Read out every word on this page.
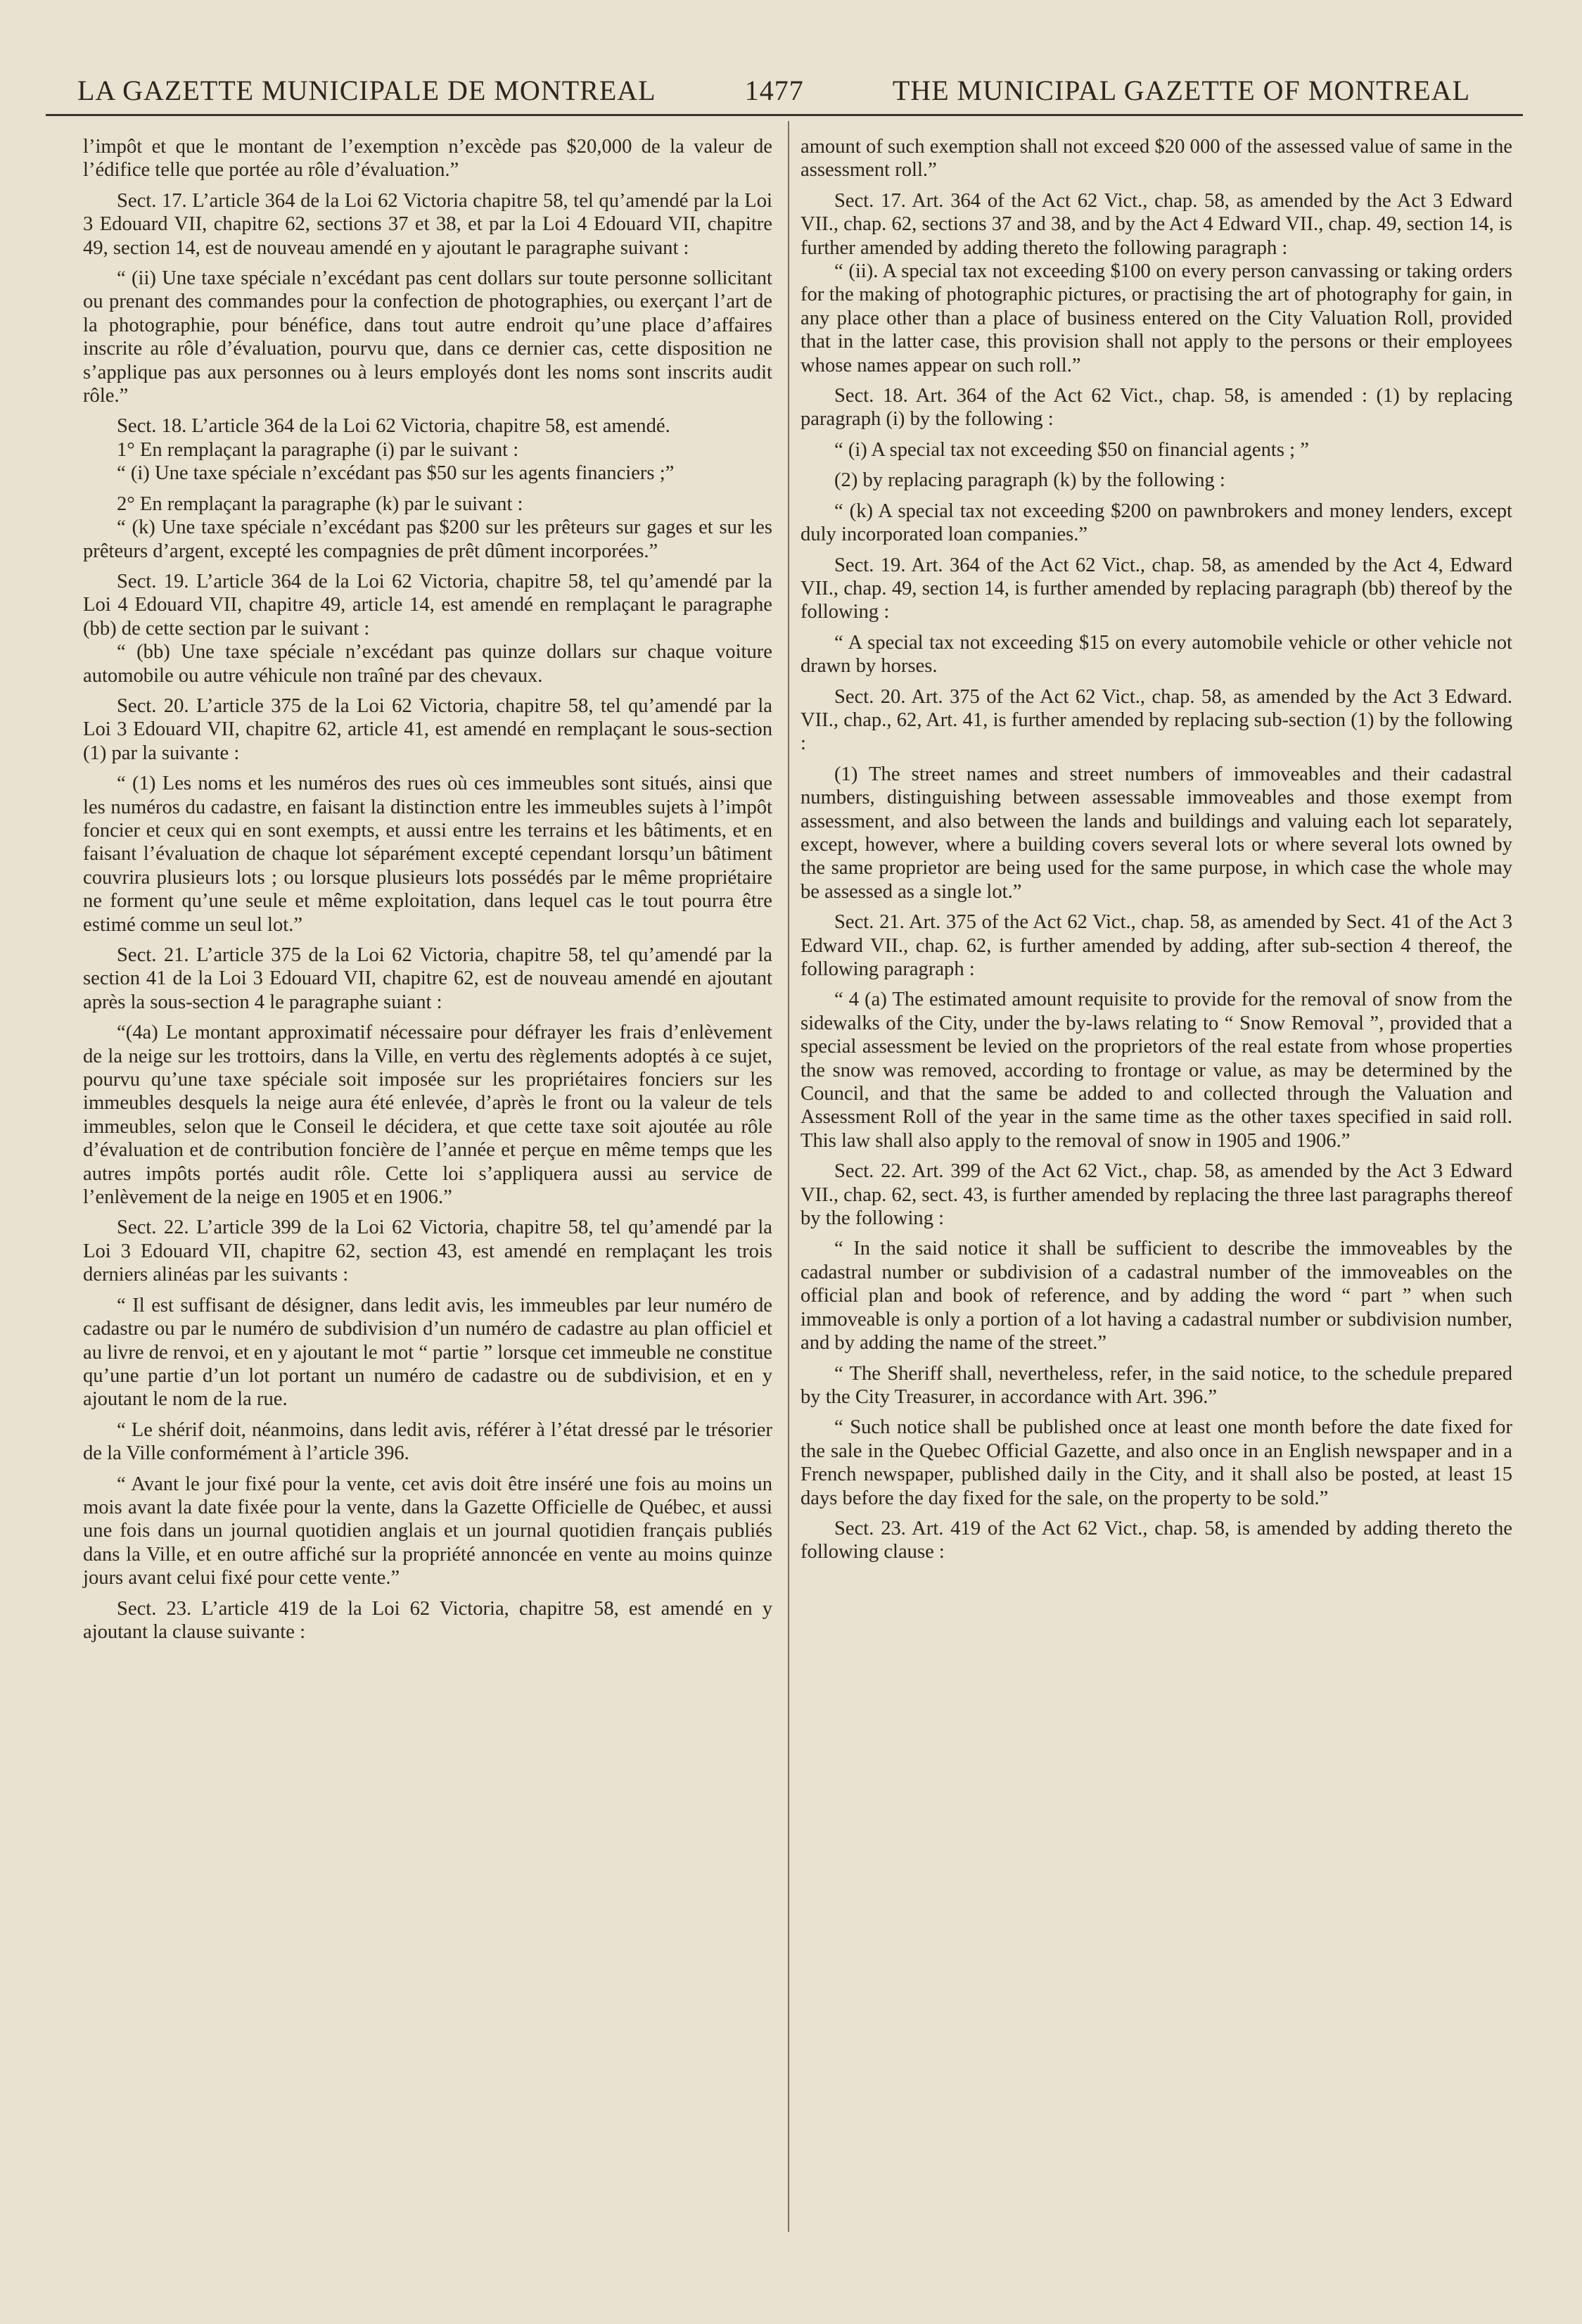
LA GAZETTE MUNICIPALE DE MONTREAL	1477	THE MUNICIPAL GAZETTE OF MONTREAL

l’impôt et que le montant de l’exemption n’excède pas $20,000 de la valeur de l’édifice telle que portée au rôle d’évaluation.”

Sect. 17. L’article 364 de la Loi 62 Victoria chapitre 58, tel qu’amendé par la Loi 3 Edouard VII, chapitre 62, sections 37 et 38, et par la Loi 4 Edouard VII, chapitre 49, section 14, est de nouveau amendé en y ajoutant le paragraphe suivant :

“ (ii) Une taxe spéciale n’excédant pas cent dollars sur toute personne sollicitant ou prenant des commandes pour la confection de photographies, ou exerçant l’art de la photographie, pour bénéfice, dans tout autre endroit qu’une place d’affaires inscrite au rôle d’évaluation, pourvu que, dans ce dernier cas, cette disposition ne s’applique pas aux personnes ou à leurs employés dont les noms sont inscrits audit rôle.”

Sect. 18. L’article 364 de la Loi 62 Victoria, chapitre 58, est amendé.

1° En remplaçant la paragraphe (i) par le suivant :

“ (i) Une taxe spéciale n’excédant pas $50 sur les agents financiers ;”

2° En remplaçant la paragraphe (k) par le suivant :

“ (k) Une taxe spéciale n’excédant pas $200 sur les prêteurs sur gages et sur les prêteurs d’argent, excepté les compagnies de prêt dûment incorporées.”

Sect. 19. L’article 364 de la Loi 62 Victoria, chapitre 58, tel qu’amendé par la Loi 4 Edouard VII, chapitre 49, article 14, est amendé en remplaçant le paragraphe (bb) de cette section par le suivant :

“ (bb) Une taxe spéciale n’excédant pas quinze dollars sur chaque voiture automobile ou autre véhicule non traîné par des chevaux.

Sect. 20. L’article 375 de la Loi 62 Victoria, chapitre 58, tel qu’amendé par la Loi 3 Edouard VII, chapitre 62, article 41, est amendé en remplaçant le sous-section (1) par la suivante :

“ (1) Les noms et les numéros des rues où ces immeubles sont situés, ainsi que les numéros du cadastre, en faisant la distinction entre les immeubles sujets à l’impôt foncier et ceux qui en sont exempts, et aussi entre les terrains et les bâtiments, et en faisant l’évaluation de chaque lot séparément excepté cependant lorsqu’un bâtiment couvrira plusieurs lots ; ou lorsque plusieurs lots possédés par le même propriétaire ne forment qu’une seule et même exploitation, dans lequel cas le tout pourra être estimé comme un seul lot.”

Sect. 21. L’article 375 de la Loi 62 Victoria, chapitre 58, tel qu’amendé par la section 41 de la Loi 3 Edouard VII, chapitre 62, est de nouveau amendé en ajoutant après la sous-section 4 le paragraphe suiant :

“(4a) Le montant approximatif nécessaire pour défrayer les frais d’enlèvement de la neige sur les trottoirs, dans la Ville, en vertu des règlements adoptés à ce sujet, pourvu qu’une taxe spéciale soit imposée sur les propriétaires fonciers sur les immeubles desquels la neige aura été enlevée, d’après le front ou la valeur de tels immeubles, selon que le Conseil le décidera, et que cette taxe soit ajoutée au rôle d’évaluation et de contribution foncière de l’année et perçue en même temps que les autres impôts portés audit rôle. Cette loi s’appliquera aussi au service de l’enlèvement de la neige en 1905 et en 1906.”

Sect. 22. L’article 399 de la Loi 62 Victoria, chapitre 58, tel qu’amendé par la Loi 3 Edouard VII, chapitre 62, section 43, est amendé en remplaçant les trois derniers alinéas par les suivants :

“ Il est suffisant de désigner, dans ledit avis, les immeubles par leur numéro de cadastre ou par le numéro de subdivision d’un numéro de cadastre au plan officiel et au livre de renvoi, et en y ajoutant le mot “ partie ” lorsque cet immeuble ne constitue qu’une partie d’un lot portant un numéro de cadastre ou de subdivision, et en y ajoutant le nom de la rue.

“ Le shérif doit, néanmoins, dans ledit avis, référer à l’état dressé par le trésorier de la Ville conformément à l’article 396.

“ Avant le jour fixé pour la vente, cet avis doit être inséré une fois au moins un mois avant la date fixée pour la vente, dans la Gazette Officielle de Québec, et aussi une fois dans un journal quotidien anglais et un journal quotidien français publiés dans la Ville, et en outre affiché sur la propriété annoncée en vente au moins quinze jours avant celui fixé pour cette vente.”

Sect. 23. L’article 419 de la Loi 62 Victoria, chapitre 58, est amendé en y ajoutant la clause suivante :

amount of such exemption shall not exceed $20 000 of the assessed value of same in the assessment roll.”

Sect. 17. Art. 364 of the Act 62 Vict., chap. 58, as amended by the Act 3 Edward VII., chap. 62, sections 37 and 38, and by the Act 4 Edward VII., chap. 49, section 14, is further amended by adding thereto the following paragraph :

“ (ii). A special tax not exceeding $100 on every person canvassing or taking orders for the making of photographic pictures, or practising the art of photography for gain, in any place other than a place of business entered on the City Valuation Roll, provided that in the latter case, this provision shall not apply to the persons or their employees whose names appear on such roll.”

Sect. 18. Art. 364 of the Act 62 Vict., chap. 58, is amended : (1) by replacing paragraph (i) by the following :

“ (i) A special tax not exceeding $50 on financial agents ; ”

(2) by replacing paragraph (k) by the following :

“ (k) A special tax not exceeding $200 on pawnbrokers and money lenders, except duly incorporated loan companies.”

Sect. 19. Art. 364 of the Act 62 Vict., chap. 58, as amended by the Act 4, Edward VII., chap. 49, section 14, is further amended by replacing paragraph (bb) thereof by the following :

“ A special tax not exceeding $15 on every automobile vehicle or other vehicle not drawn by horses.

Sect. 20. Art. 375 of the Act 62 Vict., chap. 58, as amended by the Act 3 Edward. VII., chap., 62, Art. 41, is further amended by replacing sub-section (1) by the following :

(1) The street names and street numbers of immoveables and their cadastral numbers, distinguishing between assessable immoveables and those exempt from assessment, and also between the lands and buildings and valuing each lot separately, except, however, where a building covers several lots or where several lots owned by the same proprietor are being used for the same purpose, in which case the whole may be assessed as a single lot.”

Sect. 21. Art. 375 of the Act 62 Vict., chap. 58, as amended by Sect. 41 of the Act 3 Edward VII., chap. 62, is further amended by adding, after sub-section 4 thereof, the following paragraph :

“ 4 (a) The estimated amount requisite to provide for the removal of snow from the sidewalks of the City, under the by-laws relating to “ Snow Removal ”, provided that a special assessment be levied on the proprietors of the real estate from whose properties the snow was removed, according to frontage or value, as may be determined by the Council, and that the same be added to and collected through the Valuation and Assessment Roll of the year in the same time as the other taxes specified in said roll. This law shall also apply to the removal of snow in 1905 and 1906.”

Sect. 22. Art. 399 of the Act 62 Vict., chap. 58, as amended by the Act 3 Edward VII., chap. 62, sect. 43, is further amended by replacing the three last paragraphs thereof by the following :

“ In the said notice it shall be sufficient to describe the immoveables by the cadastral number or subdivision of a cadastral number of the immoveables on the official plan and book of reference, and by adding the word “ part ” when such immoveable is only a portion of a lot having a cadastral number or subdivision number, and by adding the name of the street.”

“ The Sheriff shall, nevertheless, refer, in the said notice, to the schedule prepared by the City Treasurer, in accordance with Art. 396.”

“ Such notice shall be published once at least one month before the date fixed for the sale in the Quebec Official Gazette, and also once in an English newspaper and in a French newspaper, published daily in the City, and it shall also be posted, at least 15 days before the day fixed for the sale, on the property to be sold.”

Sect. 23. Art. 419 of the Act 62 Vict., chap. 58, is amended by adding thereto the following clause :
